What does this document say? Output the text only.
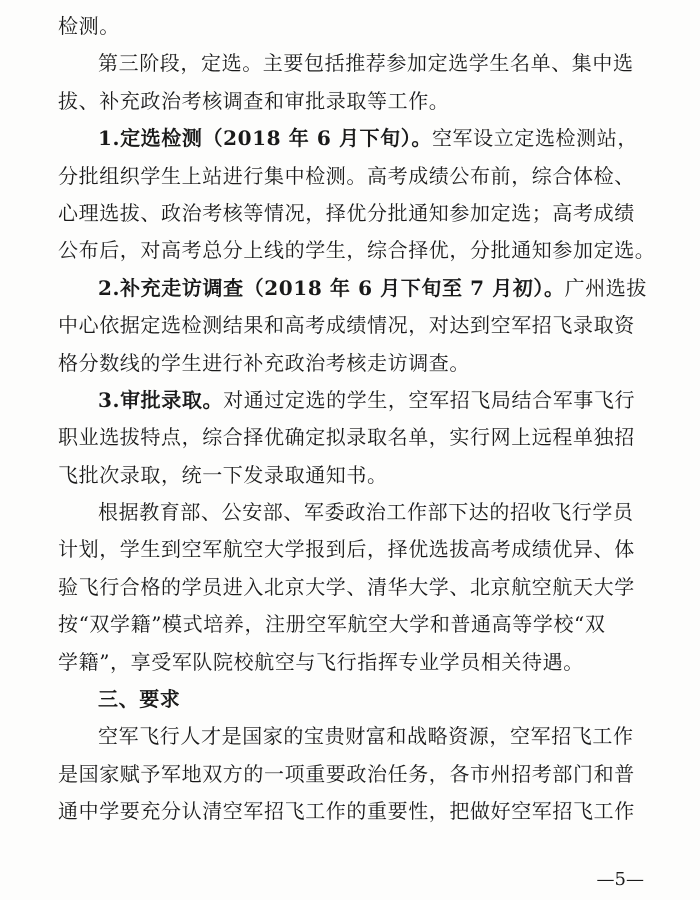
检测。
第三阶段，定选。主要包括推荐参加定选学生名单、集中选
拔、补充政治考核调查和审批录取等工作。
1.定选检测（2018 年 6 月下旬）。空军设立定选检测站，
分批组织学生上站进行集中检测。高考成绩公布前，综合体检、
心理选拔、政治考核等情况，择优分批通知参加定选；高考成绩
公布后，对高考总分上线的学生，综合择优，分批通知参加定选。
2.补充走访调查（2018 年 6 月下旬至 7 月初）。广州选拔
中心依据定选检测结果和高考成绩情况，对达到空军招飞录取资
格分数线的学生进行补充政治考核走访调查。
3.审批录取。对通过定选的学生，空军招飞局结合军事飞行
职业选拔特点，综合择优确定拟录取名单，实行网上远程单独招
飞批次录取，统一下发录取通知书。
根据教育部、公安部、军委政治工作部下达的招收飞行学员
计划，学生到空军航空大学报到后，择优选拔高考成绩优异、体
验飞行合格的学员进入北京大学、清华大学、北京航空航天大学
按“双学籍”模式培养，注册空军航空大学和普通高等学校“双
学籍”，享受军队院校航空与飞行指挥专业学员相关待遇。
三、要求
空军飞行人才是国家的宝贵财富和战略资源，空军招飞工作
是国家赋予军地双方的一项重要政治任务，各市州招考部门和普
通中学要充分认清空军招飞工作的重要性，把做好空军招飞工作
—5—
